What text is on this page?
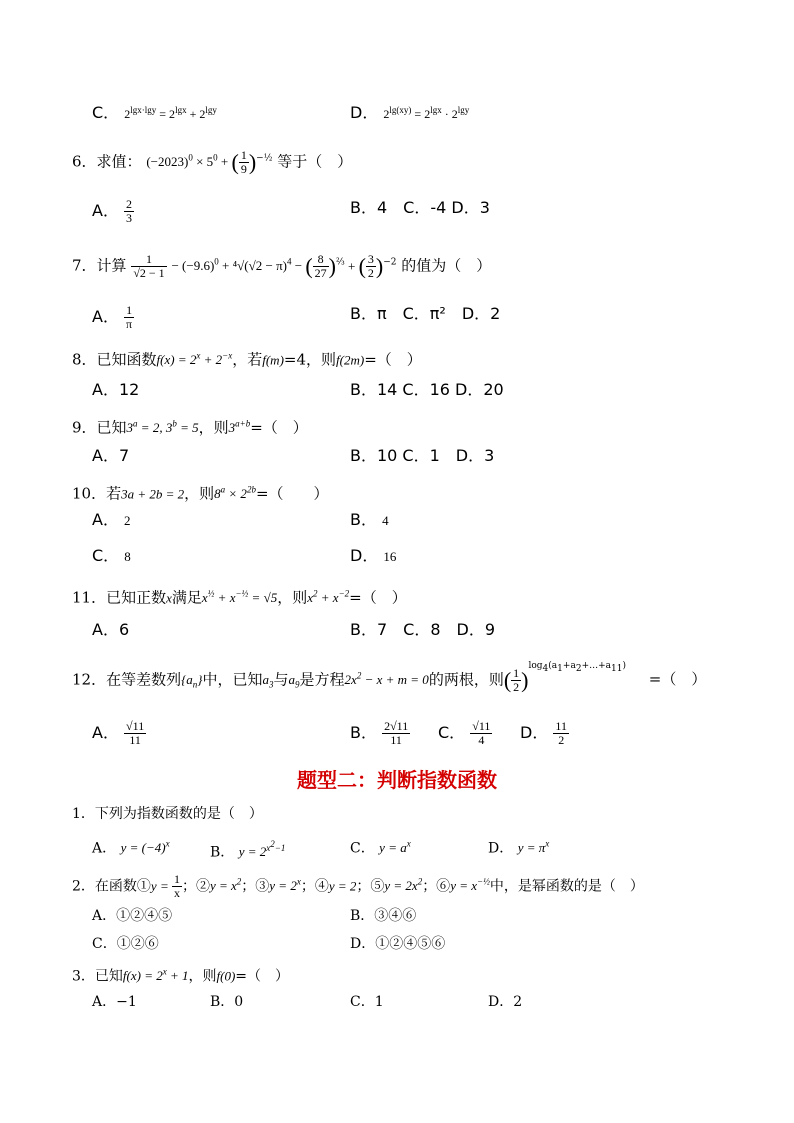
C． $2^{lgx\cdot lgy} = 2^{lgx} + 2^{lgy}$	D． $2^{lg(xy)} = 2^{lgx} \cdot 2^{lgy}$
6．求值： $(-2023)^0 \times 5^0$ + ( $\frac{1}{9} )^{-\frac{1}{2}}$ 等于（　）
A． $\frac{2}{3}$	B．4　C．-4 D．3
7．计算 $\frac{1}{√2 - 1} - (-9.6)^0 + ^4√(√2 - \pi)^4$ − ( $\frac{8}{27} )^{\frac{2}{3}}$ + ( $\frac{3}{2} )^{-2}$ 的值为（　）
A． $\frac{1}{\pi}$	B．π　C．π²　D．2
8．已知函数$f(x) = 2^x + 2^{-x}$，若f(m)=4，则f(2m)=（　）
A．12	B．14 C．16 D．20
9．已知$3^a = 2$, $3^b = 5$，则$3^{a+b}=$（　）
A．7	B．10 C．1　D．3
10．若3a + 2b = 2，则$8^a \times 2^{2b}=$（　　）
A． 2	B． 4
C． 8	D． 16
11．已知正数x满足$x^{\frac{1}{2}} + x^{-\frac{1}{2}} = √5$，则$x^2 + x^{-2}=$（　）
A．6	B．7　C．8　D．9
12．在等差数列$\{a_n\}$中，已知$a_3$与$a_9$是方程$2x^2 - x + m = 0$的两根，则( $\frac{1}{2} )^{log_4(a_1+a_2+\dots+a_{11})}$ =（　）
A． $\frac{√11}{11}$	B． $\frac{2√11}{11}$ C． $\frac{√11}{4}$ D． $\frac{11}{2}$
题型二：判断指数函数
1．下列为指数函数的是（　）
A． $y = (-4)^x$
B． $y = 2^{x^2-1}$	C． $y = a^x$	D． $y = \pi^x$
2．在函数①y = $\frac{1}{x}$ ；②y = $x^2$；③y = $2^x$；④y = 2；⑤y = $2x^2$；⑥y = $x^{-\frac{1}{2}}$中，是幂函数的是（　）
A．①②④⑤	B．③④⑥
C．①②⑥	D．①②④⑤⑥
3．已知$f(x) = 2^x + 1$，则f(0)=（　）
A．−1	B．0	C．1	D．2
